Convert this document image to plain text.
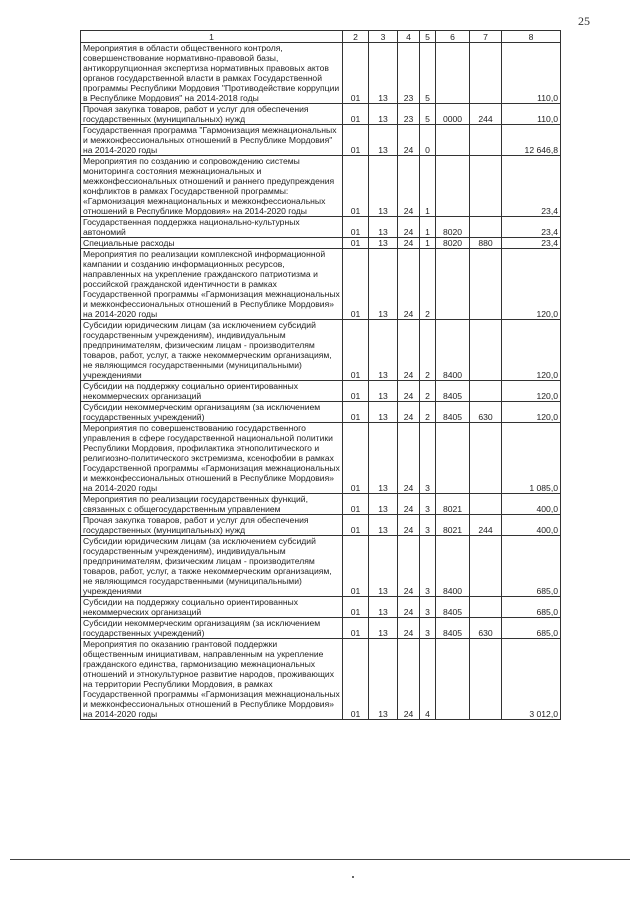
25
1	2	3	4	5	6	7	8
Мероприятия в области общественного контроля, совершенствование нормативно-правовой базы, антикоррупционная экспертиза нормативных правовых актов органов государственной власти в рамках Государственной программы Республики Мордовия "Противодействие коррупции в Республике Мордовия" на 2014-2018 годы	01	13	23	5			110,0
Прочая закупка товаров, работ и услуг для обеспечения государственных (муниципальных) нужд	01	13	23	5	0000	244	110,0
Государственная программа "Гармонизация межнациональных и межконфессиональных отношений в Республике Мордовия" на 2014-2020 годы	01	13	24	0			12 646,8
Мероприятия по созданию и сопровождению системы мониторинга состояния межнациональных и межконфессиональных отношений и раннего предупреждения конфликтов в рамках Государственной программы: «Гармонизация межнациональных и межконфессиональных отношений в Республике Мордовия» на 2014-2020 годы	01	13	24	1			23,4
Государственная поддержка национально-культурных автономий	01	13	24	1	8020		23,4
Специальные расходы	01	13	24	1	8020	880	23,4
Мероприятия по реализации комплексной информационной кампании и созданию информационных ресурсов, направленных на укрепление гражданского патриотизма и российской гражданской идентичности в рамках Государственной программы «Гармонизация межнациональных и межконфессиональных отношений в Республике Мордовия» на 2014-2020 годы	01	13	24	2			120,0
Субсидии юридическим лицам (за исключением субсидий государственным учреждениям), индивидуальным предпринимателям, физическим лицам - производителям товаров, работ, услуг, а также некоммерческим организациям, не являющимся государственными (муниципальными) учреждениями	01	13	24	2	8400		120,0
Субсидии на поддержку социально ориентированных некоммерческих организаций	01	13	24	2	8405		120,0
Субсидии некоммерческим организациям (за исключением государственных учреждений)	01	13	24	2	8405	630	120,0
Мероприятия по совершенствованию государственного управления в сфере государственной национальной политики Республики Мордовия, профилактика этнополитического и религиозно-политического экстремизма, ксенофобии в рамках Государственной программы «Гармонизация межнациональных и межконфессиональных отношений в Республике Мордовия» на 2014-2020 годы	01	13	24	3			1 085,0
Мероприятия по реализации государственных функций, связанных с общегосударственным управлением	01	13	24	3	8021		400,0
Прочая закупка товаров, работ и услуг для обеспечения государственных (муниципальных) нужд	01	13	24	3	8021	244	400,0
Субсидии юридическим лицам (за исключением субсидий государственным учреждениям), индивидуальным предпринимателям, физическим лицам - производителям товаров, работ, услуг, а также некоммерческим организациям, не являющимся государственными (муниципальными) учреждениями	01	13	24	3	8400		685,0
Субсидии на поддержку социально ориентированных некоммерческих организаций	01	13	24	3	8405		685,0
Субсидии некоммерческим организациям (за исключением государственных учреждений)	01	13	24	3	8405	630	685,0
Мероприятия по оказанию грантовой поддержки общественным инициативам, направленным на укрепление гражданского единства, гармонизацию межнациональных отношений и этнокультурное развитие народов, проживающих на территории Республики Мордовия, в рамках Государственной программы «Гармонизация межнациональных и межконфессиональных отношений в Республике Мордовия» на 2014-2020 годы	01	13	24	4			3 012,0
